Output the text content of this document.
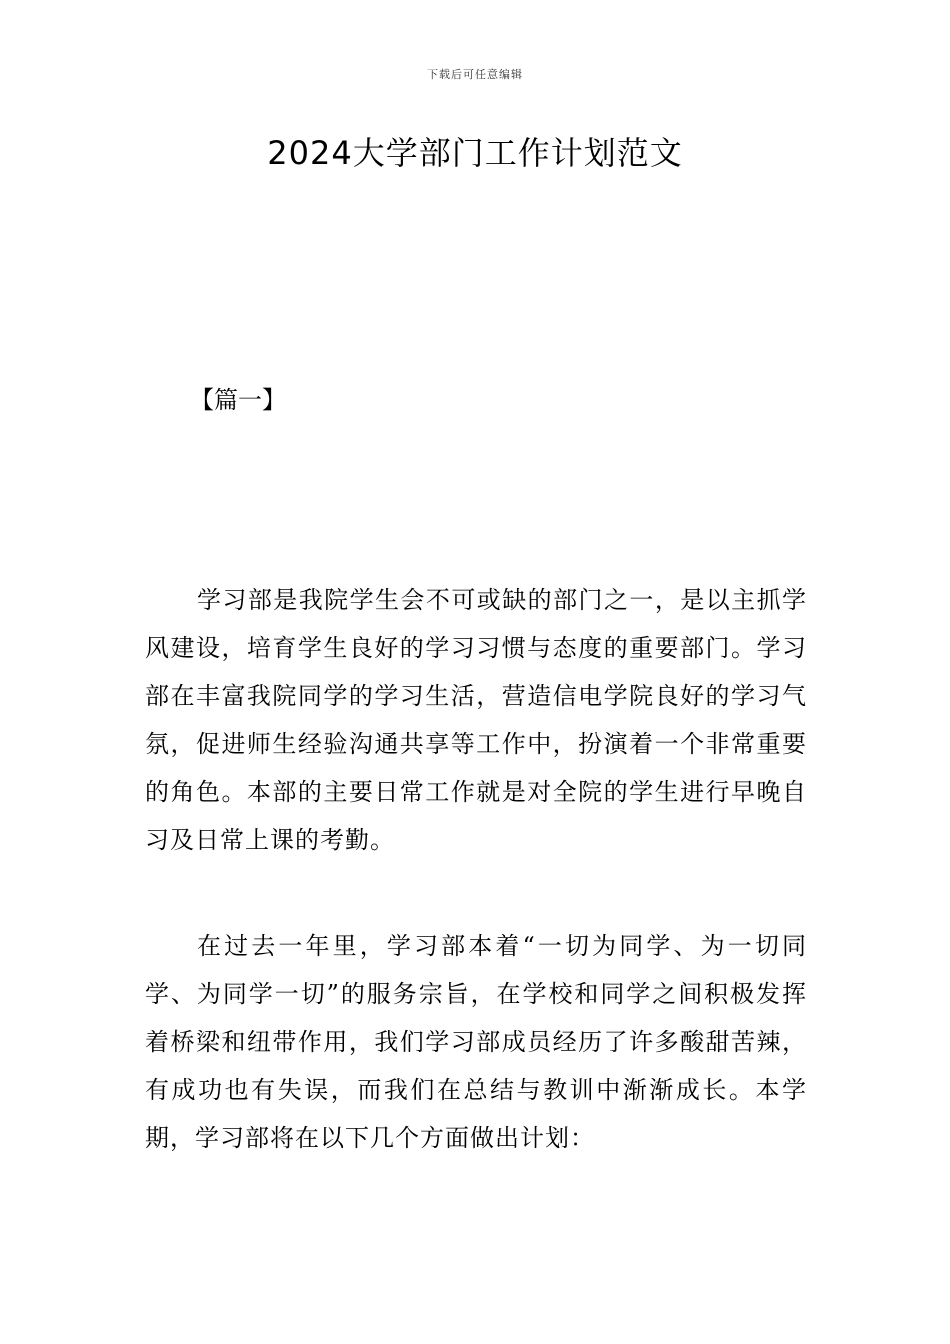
下载后可任意编辑
2024大学部门工作计划范文

【篇一】

学习部是我院学生会不可或缺的部门之一，是以主抓学风建设，培育学生良好的学习习惯与态度的重要部门。学习部在丰富我院同学的学习生活，营造信电学院良好的学习气氛，促进师生经验沟通共享等工作中，扮演着一个非常重要的角色。本部的主要日常工作就是对全院的学生进行早晚自习及日常上课的考勤。

在过去一年里，学习部本着“一切为同学、为一切同学、为同学一切”的服务宗旨，在学校和同学之间积极发挥着桥梁和纽带作用，我们学习部成员经历了许多酸甜苦辣，有成功也有失误，而我们在总结与教训中渐渐成长。本学期，学习部将在以下几个方面做出计划：
